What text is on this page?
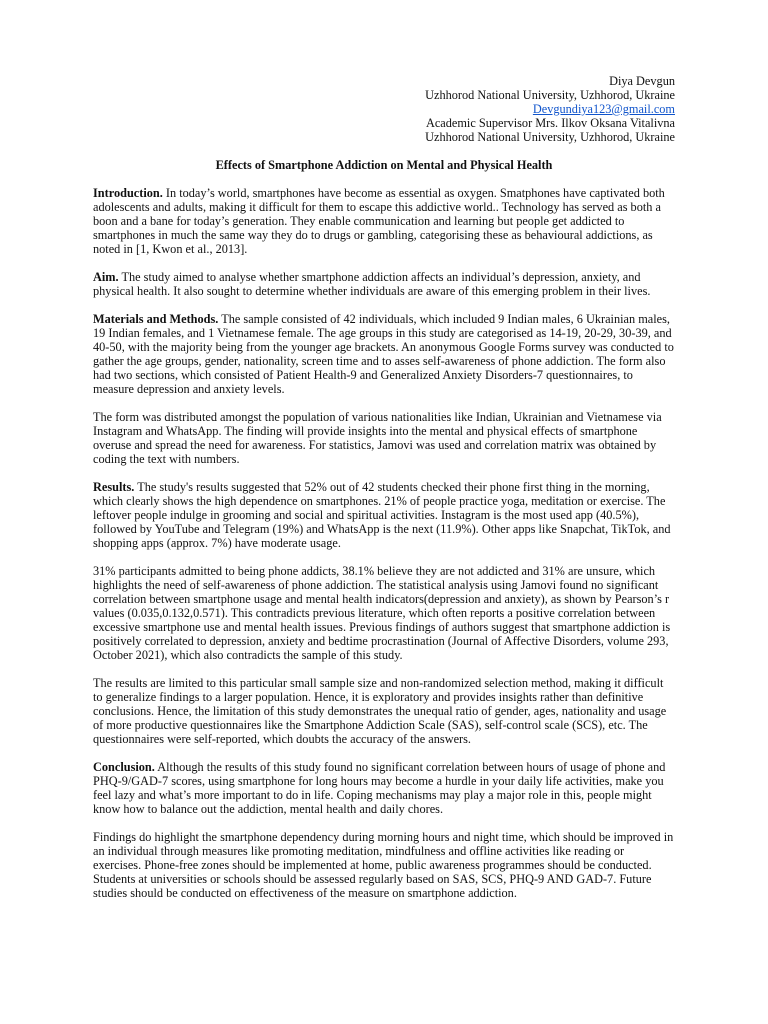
Diya Devgun
Uzhhorod National University, Uzhhorod, Ukraine
Devgundiya123@gmail.com
Academic Supervisor Mrs. Ilkov Oksana Vitalivna
Uzhhorod National University, Uzhhorod, Ukraine
Effects of Smartphone Addiction on Mental and Physical Health

Introduction. In today’s world, smartphones have become as essential as oxygen. Smatphones have captivated both adolescents and adults, making it difficult for them to escape this addictive world.. Technology has served as both a boon and a bane for today’s generation. They enable communication and learning but people get addicted to smartphones in much the same way they do to drugs or gambling, categorising these as behavioural addictions, as noted in [1, Kwon et al., 2013].

Aim. The study aimed to analyse whether smartphone addiction affects an individual’s depression, anxiety, and physical health. It also sought to determine whether individuals are aware of this emerging problem in their lives.

Materials and Methods. The sample consisted of 42 individuals, which included 9 Indian males, 6 Ukrainian males, 19 Indian females, and 1 Vietnamese female. The age groups in this study are categorised as 14-19, 20-29, 30-39, and 40-50, with the majority being from the younger age brackets. An anonymous Google Forms survey was conducted to gather the age groups, gender, nationality, screen time and to asses self-awareness of phone addiction. The form also had two sections, which consisted of Patient Health-9 and Generalized Anxiety Disorders-7 questionnaires, to measure depression and anxiety levels.

The form was distributed amongst the population of various nationalities like Indian, Ukrainian and Vietnamese via Instagram and WhatsApp. The finding will provide insights into the mental and physical effects of smartphone overuse and spread the need for awareness. For statistics, Jamovi was used and correlation matrix was obtained by coding the text with numbers.

Results. The study's results suggested that 52% out of 42 students checked their phone first thing in the morning, which clearly shows the high dependence on smartphones. 21% of people practice yoga, meditation or exercise. The leftover people indulge in grooming and social and spiritual activities. Instagram is the most used app (40.5%), followed by YouTube and Telegram (19%) and WhatsApp is the next (11.9%). Other apps like Snapchat, TikTok, and shopping apps (approx. 7%) have moderate usage.

31% participants admitted to being phone addicts, 38.1% believe they are not addicted and 31% are unsure, which highlights the need of self-awareness of phone addiction. The statistical analysis using Jamovi found no significant correlation between smartphone usage and mental health indicators(depression and anxiety), as shown by Pearson’s r values (0.035,0.132,0.571). This contradicts previous literature, which often reports a positive correlation between excessive smartphone use and mental health issues. Previous findings of authors suggest that smartphone addiction is positively correlated to depression, anxiety and bedtime procrastination (Journal of Affective Disorders, volume 293, October 2021), which also contradicts the sample of this study.

The results are limited to this particular small sample size and non-randomized selection method, making it difficult to generalize findings to a larger population. Hence, it is exploratory and provides insights rather than definitive conclusions. Hence, the limitation of this study demonstrates the unequal ratio of gender, ages, nationality and usage of more productive questionnaires like the Smartphone Addiction Scale (SAS), self-control scale (SCS), etc. The questionnaires were self-reported, which doubts the accuracy of the answers.

Conclusion. Although the results of this study found no significant correlation between hours of usage of phone and PHQ-9/GAD-7 scores, using smartphone for long hours may become a hurdle in your daily life activities, make you feel lazy and what’s more important to do in life. Coping mechanisms may play a major role in this, people might know how to balance out the addiction, mental health and daily chores.

Findings do highlight the smartphone dependency during morning hours and night time, which should be improved in an individual through measures like promoting meditation, mindfulness and offline activities like reading or exercises. Phone-free zones should be implemented at home, public awareness programmes should be conducted. Students at universities or schools should be assessed regularly based on SAS, SCS, PHQ-9 AND GAD-7. Future studies should be conducted on effectiveness of the measure on smartphone addiction.
